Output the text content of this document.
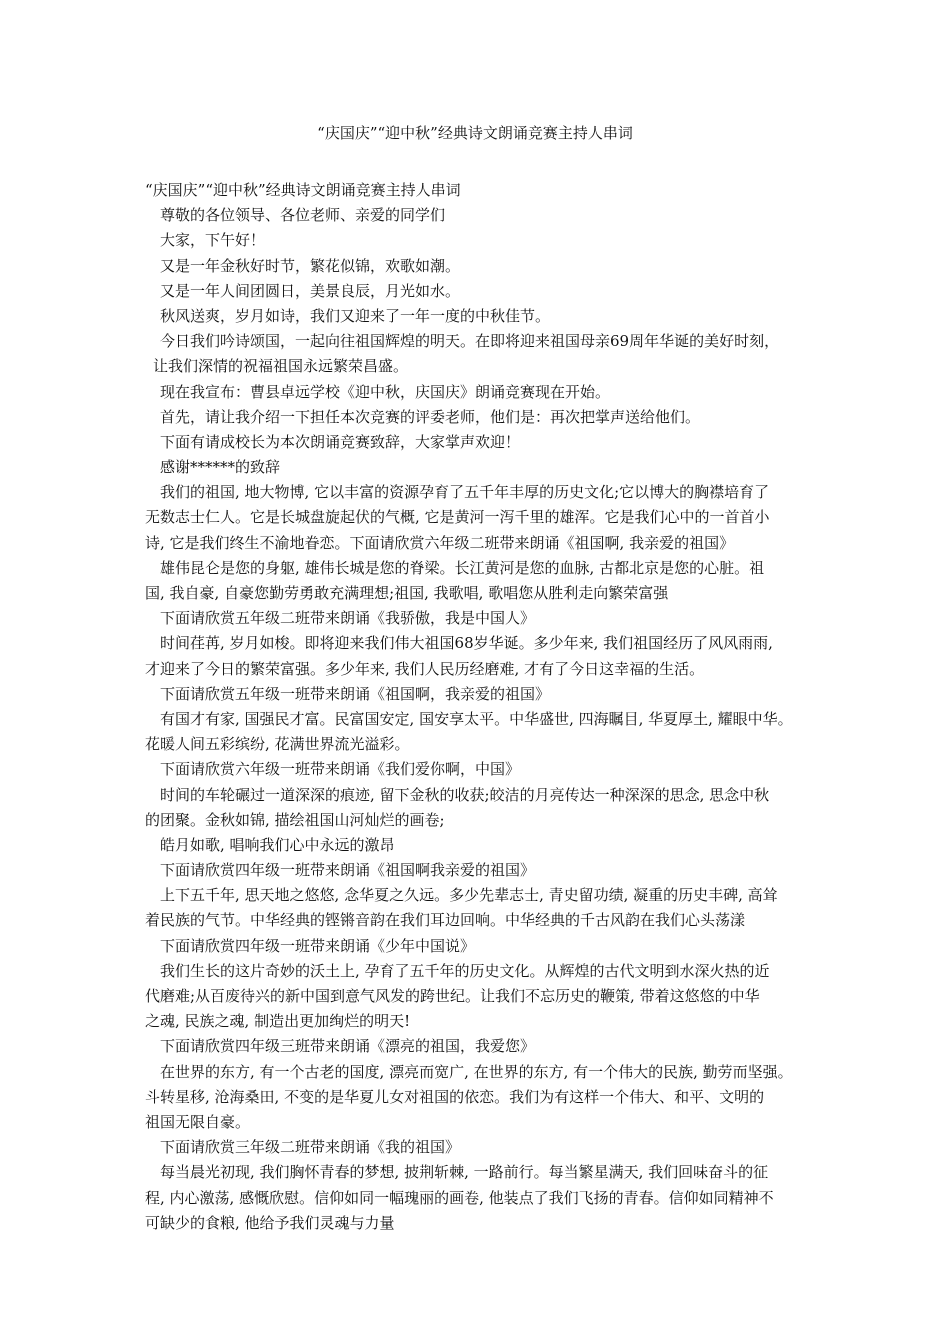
“庆国庆”“迎中秋”经典诗文朗诵竞赛主持人串词
“庆国庆”“迎中秋”经典诗文朗诵竞赛主持人串词
尊敬的各位领导、各位老师、亲爱的同学们
大家，下午好！
又是一年金秋好时节，繁花似锦，欢歌如潮。
又是一年人间团圆日，美景良辰，月光如水。
秋风送爽，岁月如诗，我们又迎来了一年一度的中秋佳节。
今日我们吟诗颂国，一起向往祖国辉煌的明天。在即将迎来祖国母亲69周年华诞的美好时刻，
让我们深情的祝福祖国永远繁荣昌盛。
现在我宣布：曹县卓远学校《迎中秋，庆国庆》朗诵竞赛现在开始。
首先，请让我介绍一下担任本次竞赛的评委老师，他们是：再次把掌声送给他们。
下面有请成校长为本次朗诵竞赛致辞，大家掌声欢迎！
感谢******的致辞
我们的祖国, 地大物博, 它以丰富的资源孕育了五千年丰厚的历史文化;它以博大的胸襟培育了
无数志士仁人。它是长城盘旋起伏的气概, 它是黄河一泻千里的雄浑。它是我们心中的一首首小
诗, 它是我们终生不渝地眷恋。下面请欣赏六年级二班带来朗诵《祖国啊, 我亲爱的祖国》
雄伟昆仑是您的身躯, 雄伟长城是您的脊梁。长江黄河是您的血脉, 古都北京是您的心脏。祖
国, 我自豪, 自豪您勤劳勇敢充满理想;祖国, 我歌唱, 歌唱您从胜利走向繁荣富强
下面请欣赏五年级二班带来朗诵《我骄傲，我是中国人》
时间荏苒, 岁月如梭。即将迎来我们伟大祖国68岁华诞。多少年来, 我们祖国经历了风风雨雨,
才迎来了今日的繁荣富强。多少年来, 我们人民历经磨难, 才有了今日这幸福的生活。
下面请欣赏五年级一班带来朗诵《祖国啊，我亲爱的祖国》
有国才有家, 国强民才富。民富国安定, 国安享太平。中华盛世, 四海瞩目, 华夏厚土, 耀眼中华。
花暖人间五彩缤纷, 花满世界流光溢彩。
下面请欣赏六年级一班带来朗诵《我们爱你啊，中国》
时间的车轮碾过一道深深的痕迹, 留下金秋的收获;皎洁的月亮传达一种深深的思念, 思念中秋
的团聚。金秋如锦, 描绘祖国山河灿烂的画卷;
皓月如歌, 唱响我们心中永远的激昂
下面请欣赏四年级一班带来朗诵《祖国啊我亲爱的祖国》
上下五千年, 思天地之悠悠, 念华夏之久远。多少先辈志士, 青史留功绩, 凝重的历史丰碑, 高耸
着民族的气节。中华经典的铿锵音韵在我们耳边回响。中华经典的千古风韵在我们心头荡漾
下面请欣赏四年级一班带来朗诵《少年中国说》
我们生长的这片奇妙的沃土上, 孕育了五千年的历史文化。从辉煌的古代文明到水深火热的近
代磨难;从百废待兴的新中国到意气风发的跨世纪。让我们不忘历史的鞭策, 带着这悠悠的中华
之魂, 民族之魂, 制造出更加绚烂的明天!
下面请欣赏四年级三班带来朗诵《漂亮的祖国，我爱您》
在世界的东方, 有一个古老的国度, 漂亮而宽广, 在世界的东方, 有一个伟大的民族, 勤劳而坚强。
斗转星移, 沧海桑田, 不变的是华夏儿女对祖国的依恋。我们为有这样一个伟大、和平、文明的
祖国无限自豪。
下面请欣赏三年级二班带来朗诵《我的祖国》
每当晨光初现, 我们胸怀青春的梦想, 披荆斩棘, 一路前行。每当繁星满天, 我们回味奋斗的征
程, 内心激荡, 感慨欣慰。信仰如同一幅瑰丽的画卷, 他装点了我们飞扬的青春。信仰如同精神不
可缺少的食粮, 他给予我们灵魂与力量
